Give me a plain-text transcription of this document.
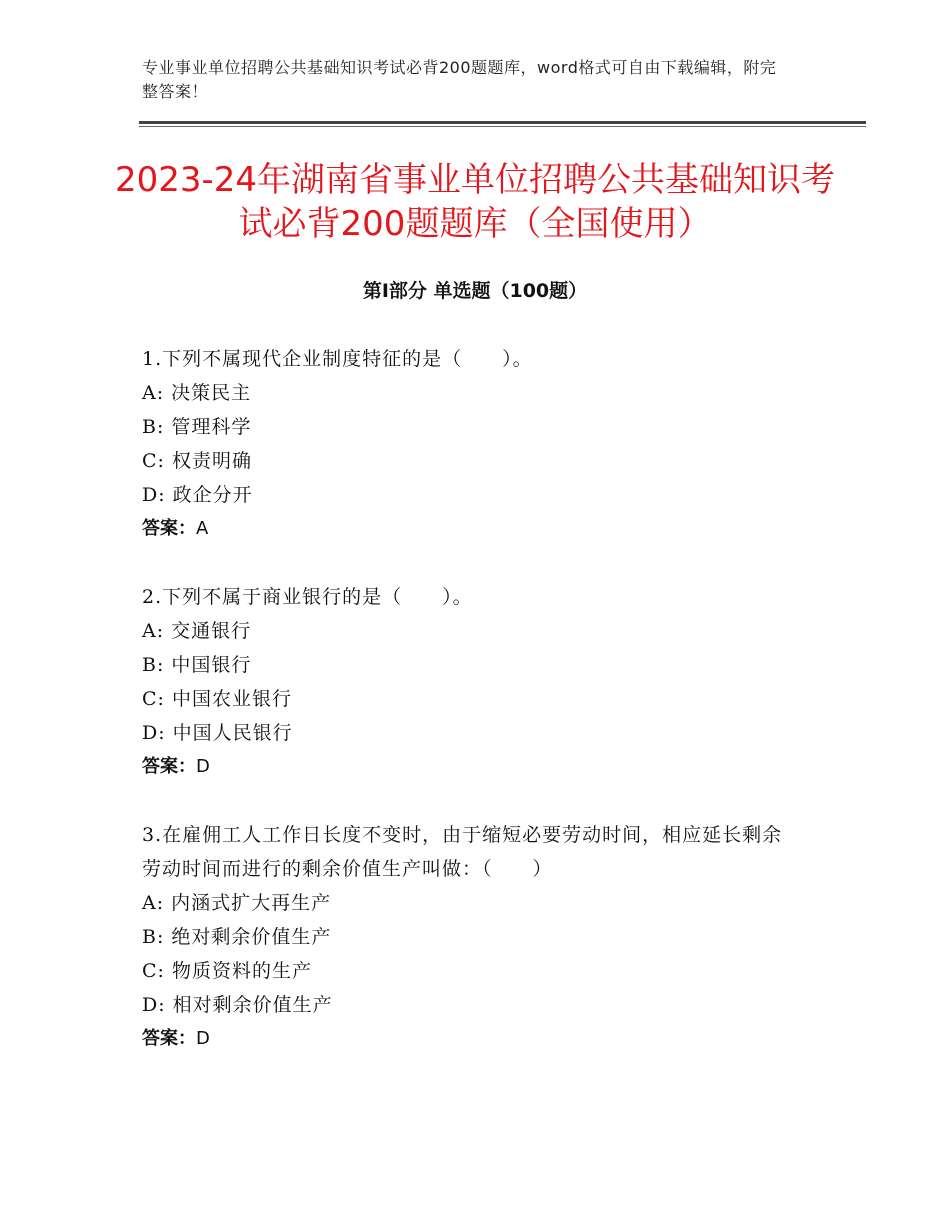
专业事业单位招聘公共基础知识考试必背200题题库，word格式可自由下载编辑，附完整答案！
2023-24年湖南省事业单位招聘公共基础知识考试必背200题题库（全国使用）
第Ⅰ部分 单选题（100题）
1.下列不属现代企业制度特征的是（　　）。
A: 决策民主
B: 管理科学
C: 权责明确
D: 政企分开
答案：A
2.下列不属于商业银行的是（　　）。
A: 交通银行
B: 中国银行
C: 中国农业银行
D: 中国人民银行
答案：D
3.在雇佣工人工作日长度不变时，由于缩短必要劳动时间，相应延长剩余劳动时间而进行的剩余价值生产叫做：（　　）
A: 内涵式扩大再生产
B: 绝对剩余价值生产
C: 物质资料的生产
D: 相对剩余价值生产
答案：D
